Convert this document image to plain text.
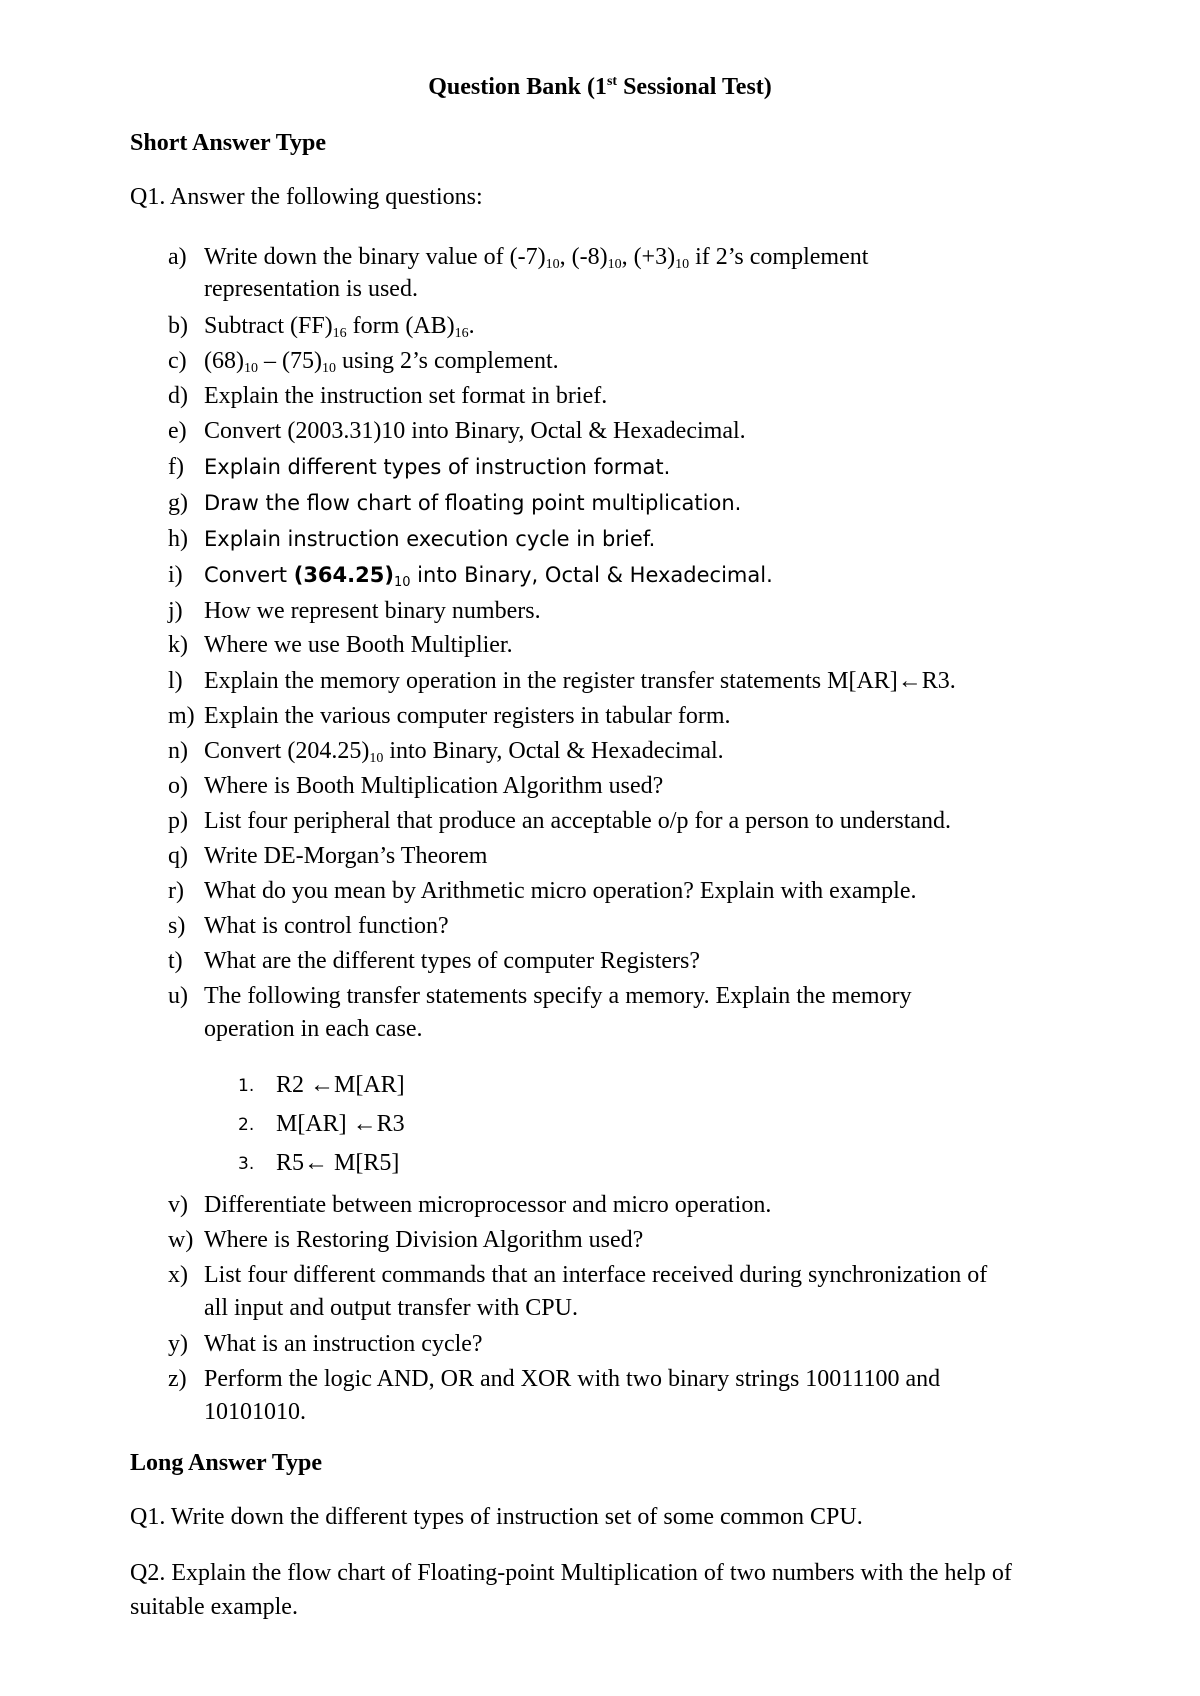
Question Bank (1st Sessional Test)
Short Answer Type
Q1. Answer the following questions:
a) Write down the binary value of $(-7)_{10}$, $(-8)_{10}$, $(+3)_{10}$ if 2’s complement
representation is used.
b) Subtract $(FF)_{16}$ form $(AB)_{16}$.
c) $(68)_{10} - (75)_{10}$ using 2’s complement.
d) Explain the instruction set format in brief.
e) Convert (2003.31)10 into Binary, Octal & Hexadecimal.
f) Explain different types of instruction format.
g) Draw the flow chart of floating point multiplication.
h) Explain instruction execution cycle in brief.
i)	Convert (364.25)10 into Binary, Octal & Hexadecimal.
j) How we represent binary numbers.
k) Where we use Booth Multiplier.
l) Explain the memory operation in the register transfer statements M[AR]←R3.
m) Explain the various computer registers in tabular form.
n) Convert $(204.25)_{10}$ into Binary, Octal & Hexadecimal.
o) Where is Booth Multiplication Algorithm used?
p) List four peripheral that produce an acceptable o/p for a person to understand.
q) Write DE-Morgan’s Theorem
r) What do you mean by Arithmetic micro operation? Explain with example.
s) What is control function?
t) What are the different types of computer Registers?
u) The following transfer statements specify a memory. Explain the memory
operation in each case.
1. R2 ←M[AR]
2. M[AR] ←R3
3. R5← M[R5]
v) Differentiate between microprocessor and micro operation.
w) Where is Restoring Division Algorithm used?
x) List four different commands that an interface received during synchronization of
all input and output transfer with CPU.
y) What is an instruction cycle?
z) Perform the logic AND, OR and XOR with two binary strings 10011100 and
10101010.
Long Answer Type
Q1. Write down the different types of instruction set of some common CPU.
Q2. Explain the flow chart of Floating-point Multiplication of two numbers with the help of suitable example.
